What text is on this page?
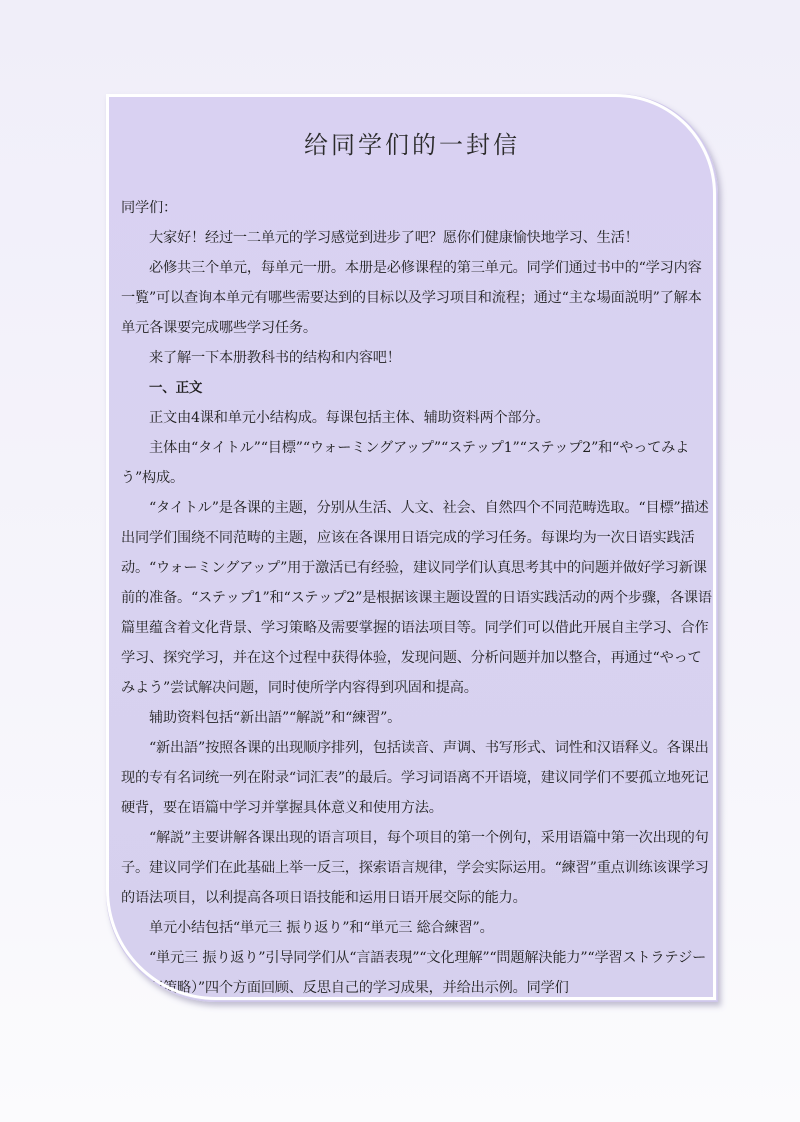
给同学们的一封信

同学们：

大家好！经过一二单元的学习感觉到进步了吧？愿你们健康愉快地学习、生活！

必修共三个单元，每单元一册。本册是必修课程的第三单元。同学们通过书中的“学习内容一覧”可以查询本单元有哪些需要达到的目标以及学习项目和流程；通过“主な場面説明”了解本单元各课要完成哪些学习任务。

来了解一下本册教科书的结构和内容吧！

一、正文

正文由4课和单元小结构成。每课包括主体、辅助资料两个部分。

主体由“タイトル”“目標”“ウォーミングアップ”“ステップ1”“ステップ2”和“やってみよう”构成。

“タイトル”是各课的主题，分别从生活、人文、社会、自然四个不同范畴选取。“目標”描述出同学们围绕不同范畴的主题，应该在各课用日语完成的学习任务。每课均为一次日语实践活动。“ウォーミングアップ”用于激活已有经验，建议同学们认真思考其中的问题并做好学习新课前的准备。“ステップ1”和“ステップ2”是根据该课主题设置的日语实践活动的两个步骤，各课语篇里蕴含着文化背景、学习策略及需要掌握的语法项目等。同学们可以借此开展自主学习、合作学习、探究学习，并在这个过程中获得体验，发现问题、分析问题并加以整合，再通过“やってみよう”尝试解决问题，同时使所学内容得到巩固和提高。

辅助资料包括“新出語”“解説”和“練習”。

“新出語”按照各课的出现顺序排列，包括读音、声调、书写形式、词性和汉语释义。各课出现的专有名词统一列在附录“词汇表”的最后。学习词语离不开语境，建议同学们不要孤立地死记硬背，要在语篇中学习并掌握具体意义和使用方法。

“解説”主要讲解各课出现的语言项目，每个项目的第一个例句，采用语篇中第一次出现的句子。建议同学们在此基础上举一反三，探索语言规律，学会实际运用。“練習”重点训练该课学习的语法项目，以利提高各项日语技能和运用日语开展交际的能力。

单元小结包括“単元三 振り返り”和“単元三 総合練習”。

“単元三 振り返り”引导同学们从“言語表現”“文化理解”“問題解決能力”“学習ストラテジー（学习策略）”四个方面回顾、反思自己的学习成果，并给出示例。同学们
